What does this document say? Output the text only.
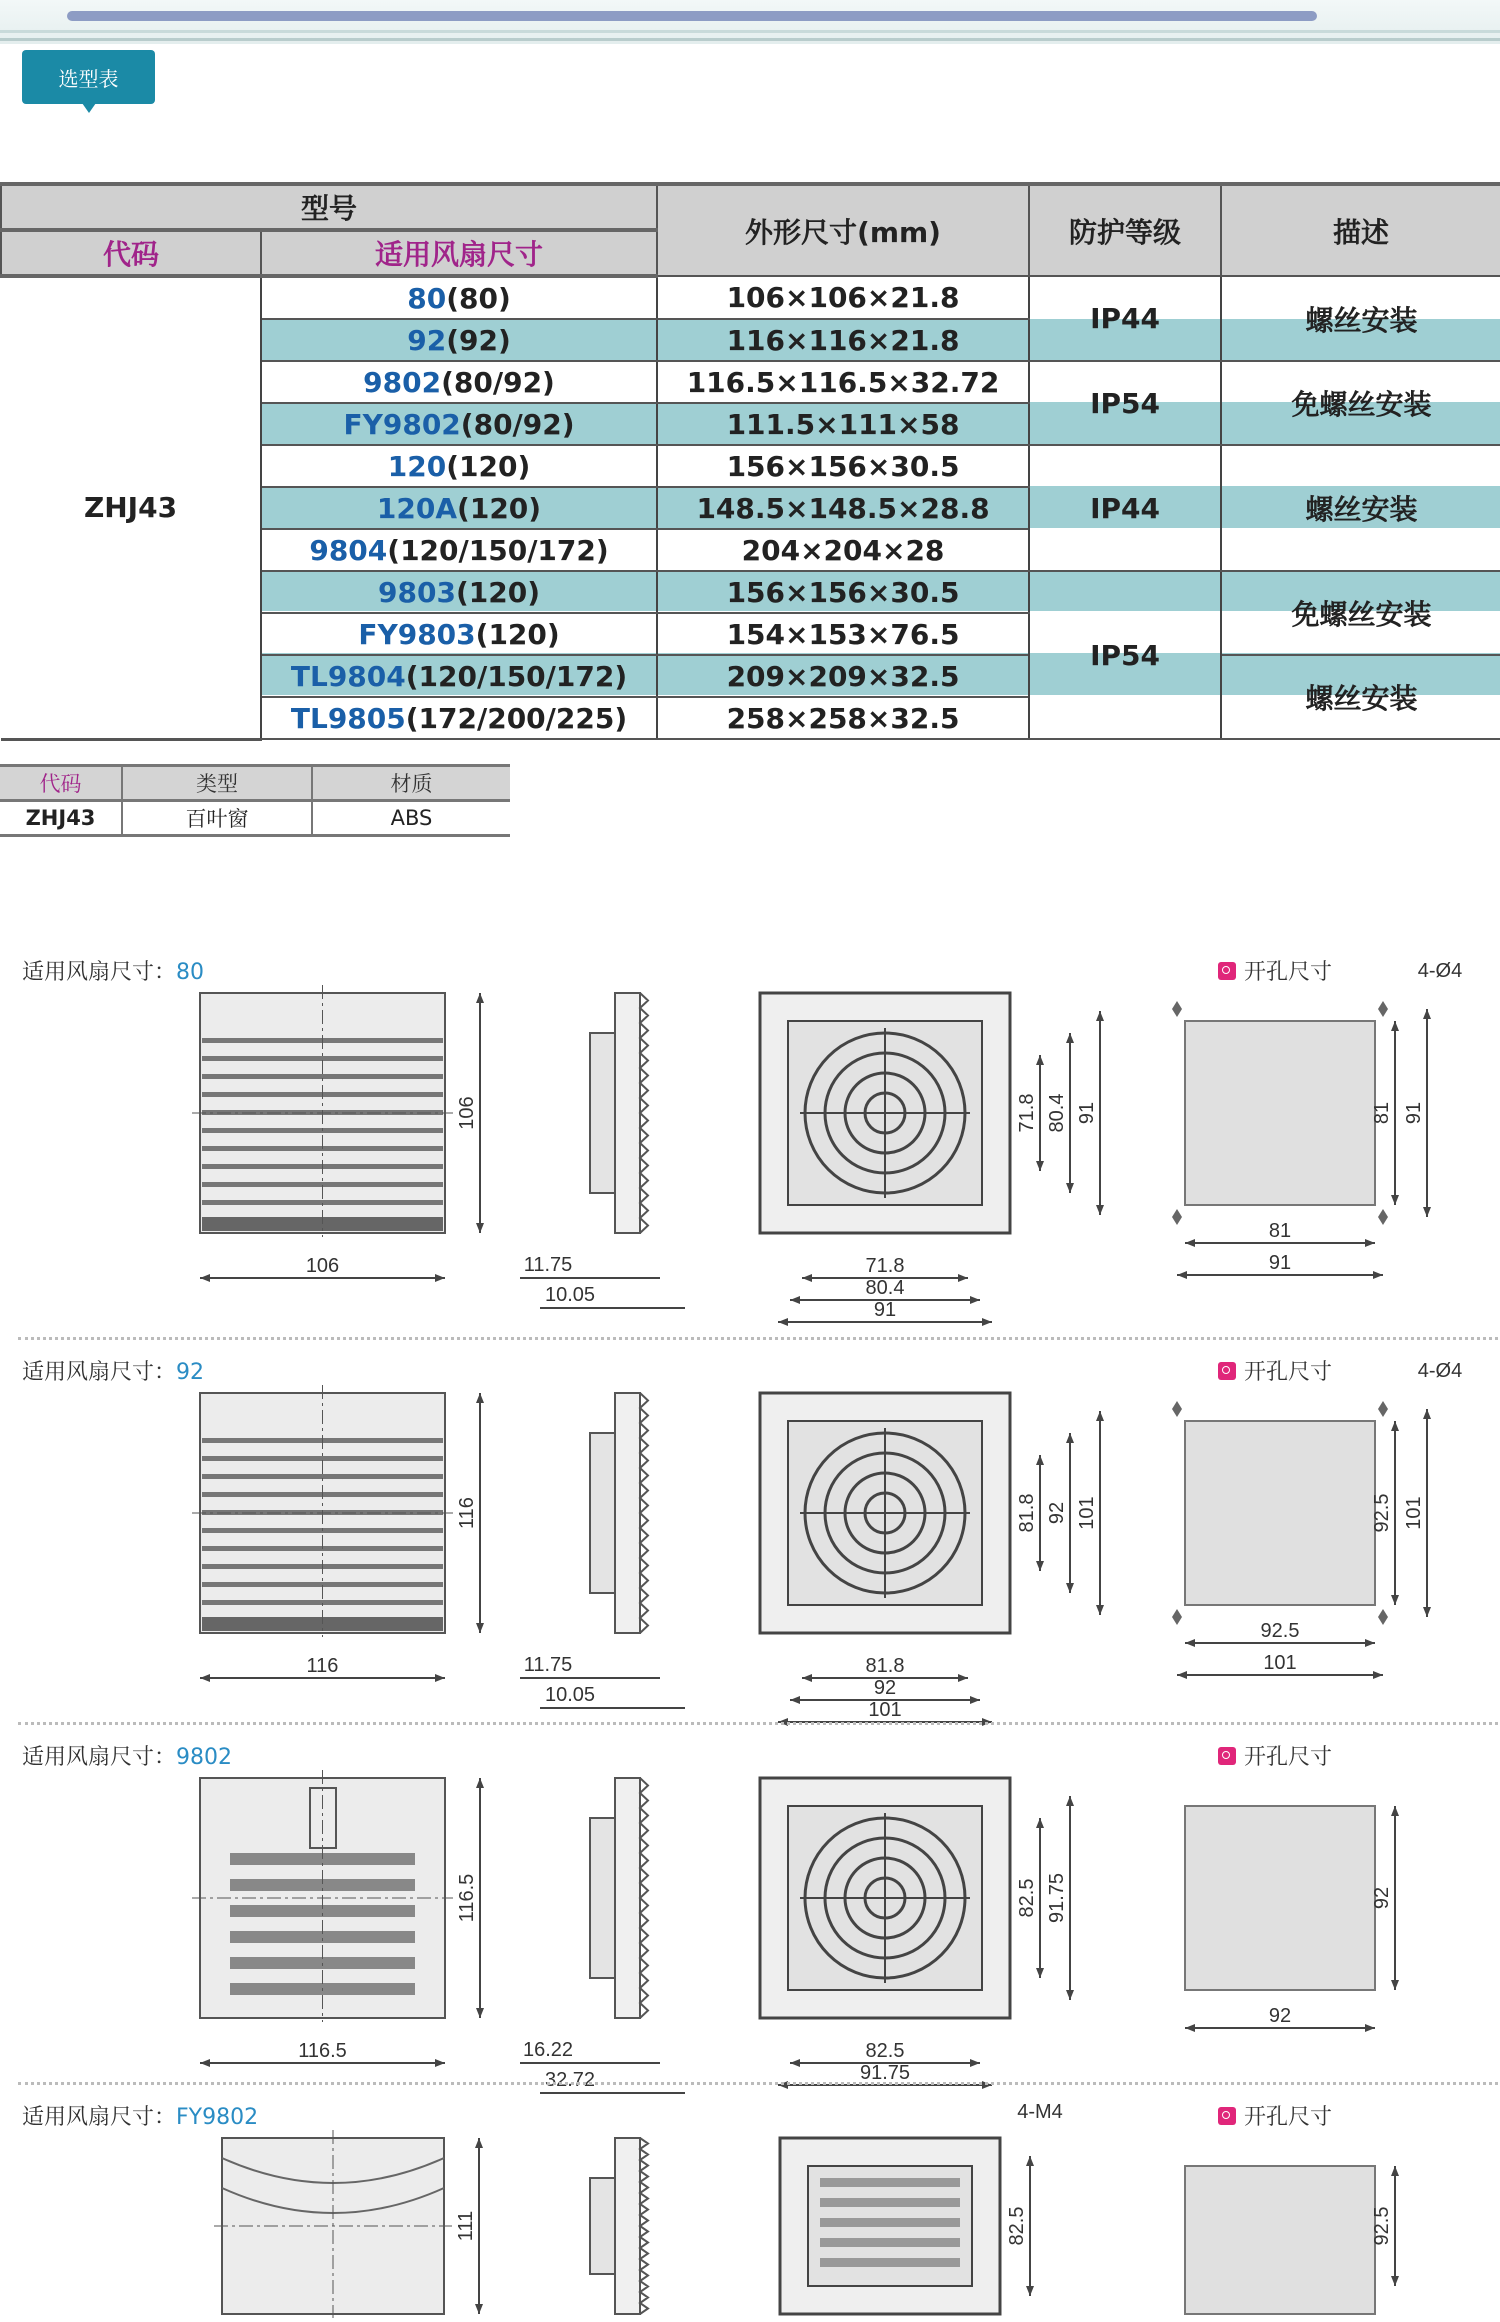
选型表
型号		外形尺寸(mm)	防护等级	描述
代码	适用风扇尺寸			
ZHJ43	80(80)	106×106×21.8	IP44	螺丝安装
	92(92)	116×116×21.8		
	9802(80/92)	116.5×116.5×32.72	IP54	免螺丝安装
	FY9802(80/92)	111.5×111×58		
	120(120)	156×156×30.5	IP44	螺丝安装
	120A(120)	148.5×148.5×28.8		
	9804(120/150/172)	204×204×28		
	9803(120)	156×156×30.5	IP54	免螺丝安装
	FY9803(120)	154×153×76.5		
	TL9804(120/150/172)	209×209×32.5		螺丝安装
	TL9805(172/200/225)	258×258×32.5		
代码	类型	材质
ZHJ43	百叶窗	ABS
适用风扇尺寸：80	开孔尺寸
106
106	11.75
10.05
71.8 80.4 91
71.8
80.4
91
4-Ø4
81 91
81
91
适用风扇尺寸：92	开孔尺寸
116
116	11.75
10.05
81.8 92 101
81.8
92
101
4-Ø4
92.5 101
92.5
101
适用风扇尺寸：9802	开孔尺寸
116.5
116.5	16.22
32.72
82.5 91.75
82.5
91.75
92
92
适用风扇尺寸：FY9802	开孔尺寸
111	82.5
4-M4
92.5
